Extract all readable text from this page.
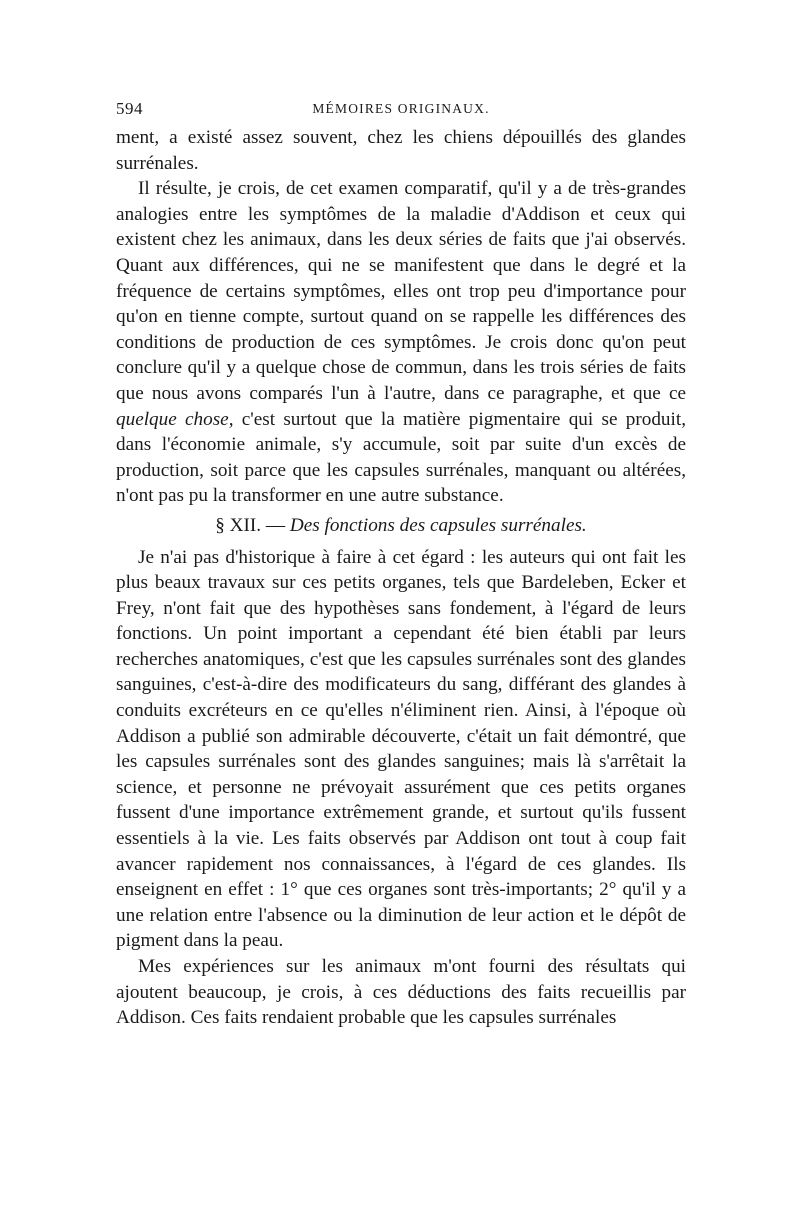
594	MÉMOIRES ORIGINAUX.

ment, a existé assez souvent, chez les chiens dépouillés des glandes surrénales.

Il résulte, je crois, de cet examen comparatif, qu'il y a de très-grandes analogies entre les symptômes de la maladie d'Addison et ceux qui existent chez les animaux, dans les deux séries de faits que j'ai observés. Quant aux différences, qui ne se manifestent que dans le degré et la fréquence de certains symptômes, elles ont trop peu d'importance pour qu'on en tienne compte, surtout quand on se rappelle les différences des conditions de production de ces symptômes. Je crois donc qu'on peut conclure qu'il y a quelque chose de commun, dans les trois séries de faits que nous avons comparés l'un à l'autre, dans ce paragraphe, et que ce quelque chose, c'est surtout que la matière pigmentaire qui se produit, dans l'économie animale, s'y accumule, soit par suite d'un excès de production, soit parce que les capsules surrénales, manquant ou altérées, n'ont pas pu la transformer en une autre substance.

§ XII. — Des fonctions des capsules surrénales.

Je n'ai pas d'historique à faire à cet égard : les auteurs qui ont fait les plus beaux travaux sur ces petits organes, tels que Bardeleben, Ecker et Frey, n'ont fait que des hypothèses sans fondement, à l'égard de leurs fonctions. Un point important a cependant été bien établi par leurs recherches anatomiques, c'est que les capsules surrénales sont des glandes sanguines, c'est-à-dire des modificateurs du sang, différant des glandes à conduits excréteurs en ce qu'elles n'éliminent rien. Ainsi, à l'époque où Addison a publié son admirable découverte, c'était un fait démontré, que les capsules surrénales sont des glandes sanguines; mais là s'arrêtait la science, et personne ne prévoyait assurément que ces petits organes fussent d'une importance extrêmement grande, et surtout qu'ils fussent essentiels à la vie. Les faits observés par Addison ont tout à coup fait avancer rapidement nos connaissances, à l'égard de ces glandes. Ils enseignent en effet : 1° que ces organes sont très-importants; 2° qu'il y a une relation entre l'absence ou la diminution de leur action et le dépôt de pigment dans la peau.

Mes expériences sur les animaux m'ont fourni des résultats qui ajoutent beaucoup, je crois, à ces déductions des faits recueillis par Addison. Ces faits rendaient probable que les capsules surrénales
